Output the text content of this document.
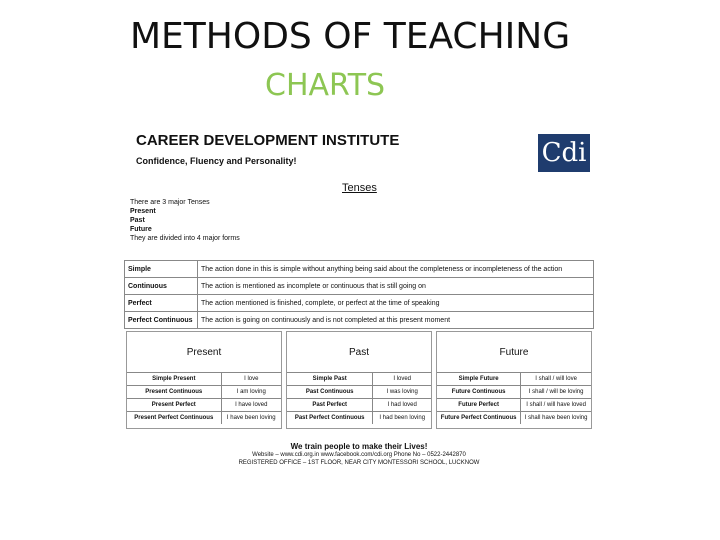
METHODS OF TEACHING
CHARTS
CAREER DEVELOPMENT INSTITUTE
Confidence, Fluency and Personality!	Cdi
Tenses
There are 3 major Tenses
Present
Past
Future
They are divided into 4 major forms
Simple	The action done in this is simple without anything being said about the completeness or incompleteness of the action
Continuous	The action is mentioned as incomplete or continuous that is still going on
Perfect	The action mentioned is finished, complete, or perfect at the time of speaking
Perfect Continuous	The action is going on continuously and is not completed at this present moment
Present
Simple Present	I love
Present Continuous	I am loving
Present Perfect	I have loved
Present Perfect Continuous	I have been loving
Past
Simple Past	I loved
Past Continuous	I was loving
Past Perfect	I had loved
Past Perfect Continuous	I had been loving
Future
Simple Future	I shall / will love
Future Continuous	I shall / will be loving
Future Perfect	I shall / will have loved
Future Perfect Continuous	I shall have been loving
We train people to make their Lives!
Website – www.cdi.org.in www.facebook.com/cdi.org Phone No – 0522-2442870
REGISTERED OFFICE – 1ST FLOOR, NEAR CITY MONTESSORI SCHOOL, LUCKNOW
